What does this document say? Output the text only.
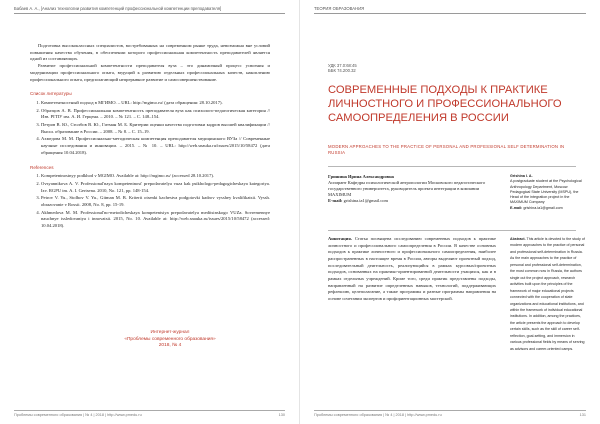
Бабаев А. А., [Анализ технологии развития компетенций профессиональной компетенции преподавателя]

Подготовка высококлассных специалистов, востребованных на современном рынке труда, невозможна вне условий повышения качества обучения, в обеспечении которого профессиональная компетентность преподавателей является одной из составляющих.

Развитие профессиональной компетентности преподавателя вуза – это динамичный процесс усвоения и модернизации профессионального опыта, ведущий к развитию отдельных профессиональных качеств, накоплению профессионального опыта, предполагающий непрерывное развитие и самосовершенствование.

Список литературы
1. Компетентностный подход в МГИМО. – URL: http://mgimo.ru/ (дата обращения: 28.10.2017).
2. Образцов А. В. Профессиональная компетентность преподавателя вуза как психолого-педагогическая категория // Изв. РГПУ им. А. И. Герцена. – 2010. – № 121. – С. 148–154.
3. Петров В. Ю., Столбов В. Ю., Гитман М. Б. Критерии оценки качества подготовки кадров высшей квалификации // Высш. образование в России. – 2008. – № 8. – С. 15–19.
4. Ахмедова М. М. Профессионально-методическая компетенция преподавателя медицинского ВУЗа // Современные научные исследования и инновации. – 2015. – № 10. – URL: http://web.snauka.ru/issues/2015/10/58472 (дата обращения 10.04.2018).
References
1. Kompetentnostnyy podkhod v MGIMO. Available at: http://mgimo.ru/ (accessed 28.10.2017).
2. Ovsyannikova A. V. Professional'naya kompetentnost' prepodavatelya vuza kak psikhologo-pedagogicheskaya kategoriya. Izv. RGPU im. A. I. Gertsena. 2010, No. 121, pp. 148-154.
3. Petrov V. Yu., Stolbov V. Yu., Gitman M. B. Kriterii otsenki kachestva podgotovki kadrov vysshey kvalifikatsii. Vyssh. obrazovanie v Rossii. 2008, No. 8, pp. 15-19.
4. Akhmedova M. M. Professional'no-metodicheskaya kompetentsiya prepodavatelya meditsinskogo VUZa. Sovremennye nauchnye issledovaniya i innovatsii. 2015, No. 10. Available at: http://web.snauka.ru/issues/2015/10/58472 (accessed: 10.04.2018).
Интернет-журнал
«Проблемы современного образования»
2018, № 4
Проблемы современного образования | № 4 | 2018 | http://www.pmedu.ru	130
ТЕОРИЯ ОБРАЗОВАНИЯ
УДК 37.0:68:45
ББК 74.200.32
СОВРЕМЕННЫЕ ПОДХОДЫ К ПРАКТИКЕ ЛИЧНОСТНОГО И ПРОФЕССИОНАЛЬНОГО САМООПРЕДЕЛЕНИЯ В РОССИИ
MODERN APPROACHES TO THE PRACTICE OF PERSONAL AND PROFESSIONAL SELF DETERMINATION IN RUSSIA
Гришина Ирина Александровна
Аспирант Кафедры психологической антропологии Московского педагогического государственного университета, руководитель проекта интеграции в компании MAXIMUM
E-mail: grishina.ia1@gmail.com
Grishina I. A.
A postgraduate student at the Psychological Anthropology Department, Moscow Pedagogical State University (MSPU), the Head of the integration project in the MAXIMUM Company
E-mail: grishina.ia1@gmail.com
Аннотация. Статья посвящена исследованию современных подходов к практике личностного и профессионального самоопределения в России. В качестве основных подходов к практике личностного и профессионального самоопределения, наиболее распространенных в настоящее время в России, авторы выделяют проектный подход, последовательный деятельность, реализующийся в рамках курсовых/проектных подходов, основанных на практико-ориентированной деятельности учащихся, как и в рамках отдельных учреждений. Кроме того, среди практик представлены подходы, направленный на развитие определенных навыков, технологий, поддерживающих рефлексию, целеполагание, а также программы и разные программы направления на основе сочетании экспертов и профориентационных мастерской.
Abstract. This article is devoted to the study of modern approaches to the practice of personal and professional self-determination in Russia. As the main approaches to the practice of personal and professional self-determination, the most common now in Russia, the authors single out the project approach, research activities built upon the principles of the framework of major educational projects connected with the cooperation of state organizations and educational institutions, and within the framework of individual educational institutions. In addition, among the practices, the article presents the approach to develop certain skills, such as the skill of career self-reflection, goal-setting, and immersion in various professional fields by means of serving as advisors and career-oriented camps.
Проблемы современного образования | № 4 | 2018 | http://www.pmedu.ru	131
